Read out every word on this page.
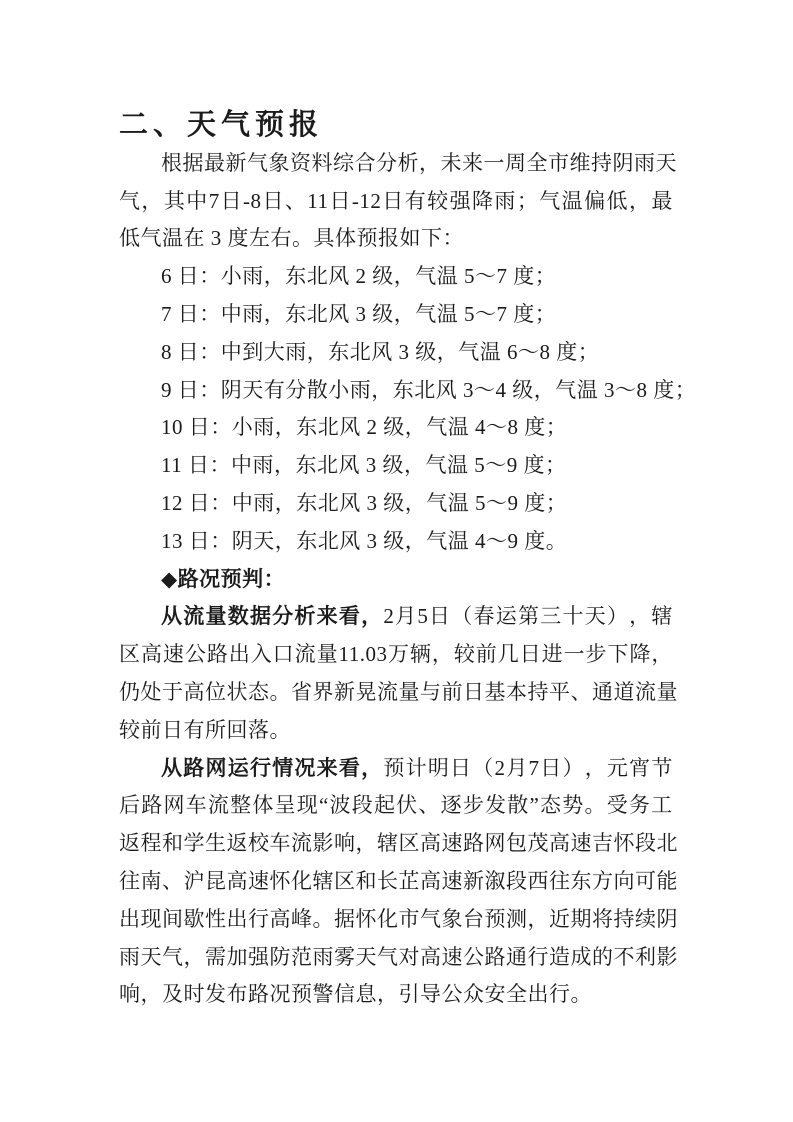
二、天气预报
根 据 最 新 气 象 资 料 综 合 分 析 ， 未 来 一 周 全 市 维 持 阴 雨 天
气 ， 其 中 7 日 -8 日 、 11 日 -12 日 有 较 强 降 雨 ； 气 温 偏 低 ， 最
低气温在 3 度左右。具体预报如下：
6 日：小雨，东北风 2 级，气温 5～7 度；
7 日：中雨，东北风 3 级，气温 5～7 度；
8 日：中到大雨，东北风 3 级，气温 6～8 度；
9 日：阴天有分散小雨，东北风 3～4 级，气温 3～8 度；
10 日：小雨，东北风 2 级，气温 4～8 度；
11 日：中雨，东北风 3 级，气温 5～9 度；
12 日：中雨，东北风 3 级，气温 5～9 度；
13 日：阴天，东北风 3 级，气温 4～9 度。
◆路况预判：
从 流 量 数 据 分 析 来 看 ， 2 月 5 日 （ 春 运 第 三 十 天 ） ， 辖
区 高 速 公 路 出 入 口 流 量 11.03 万 辆 ， 较 前 几 日 进 一 步 下 降 ，
仍 处 于 高 位 状 态 。 省 界 新 晃 流 量 与 前 日 基 本 持 平 、 通 道 流 量
较前日有所回落。
从 路 网 运 行 情 况 来 看 ， 预 计 明 日 （ 2 月 7 日 ） ， 元 宵 节
后 路 网 车 流 整 体 呈 现 “ 波 段 起 伏 、 逐 步 发 散 ” 态 势 。 受 务 工
返 程 和 学 生 返 校 车 流 影 响 ， 辖 区 高 速 路 网 包 茂 高 速 吉 怀 段 北
往 南 、 沪 昆 高 速 怀 化 辖 区 和 长 芷 高 速 新 溆 段 西 往 东 方 向 可 能
出 现 间 歇 性 出 行 高 峰 。 据 怀 化 市 气 象 台 预 测 ， 近 期 将 持 续 阴
雨 天 气 ， 需 加 强 防 范 雨 雾 天 气 对 高 速 公 路 通 行 造 成 的 不 利 影
响，及时发布路况预警信息，引导公众安全出行。
